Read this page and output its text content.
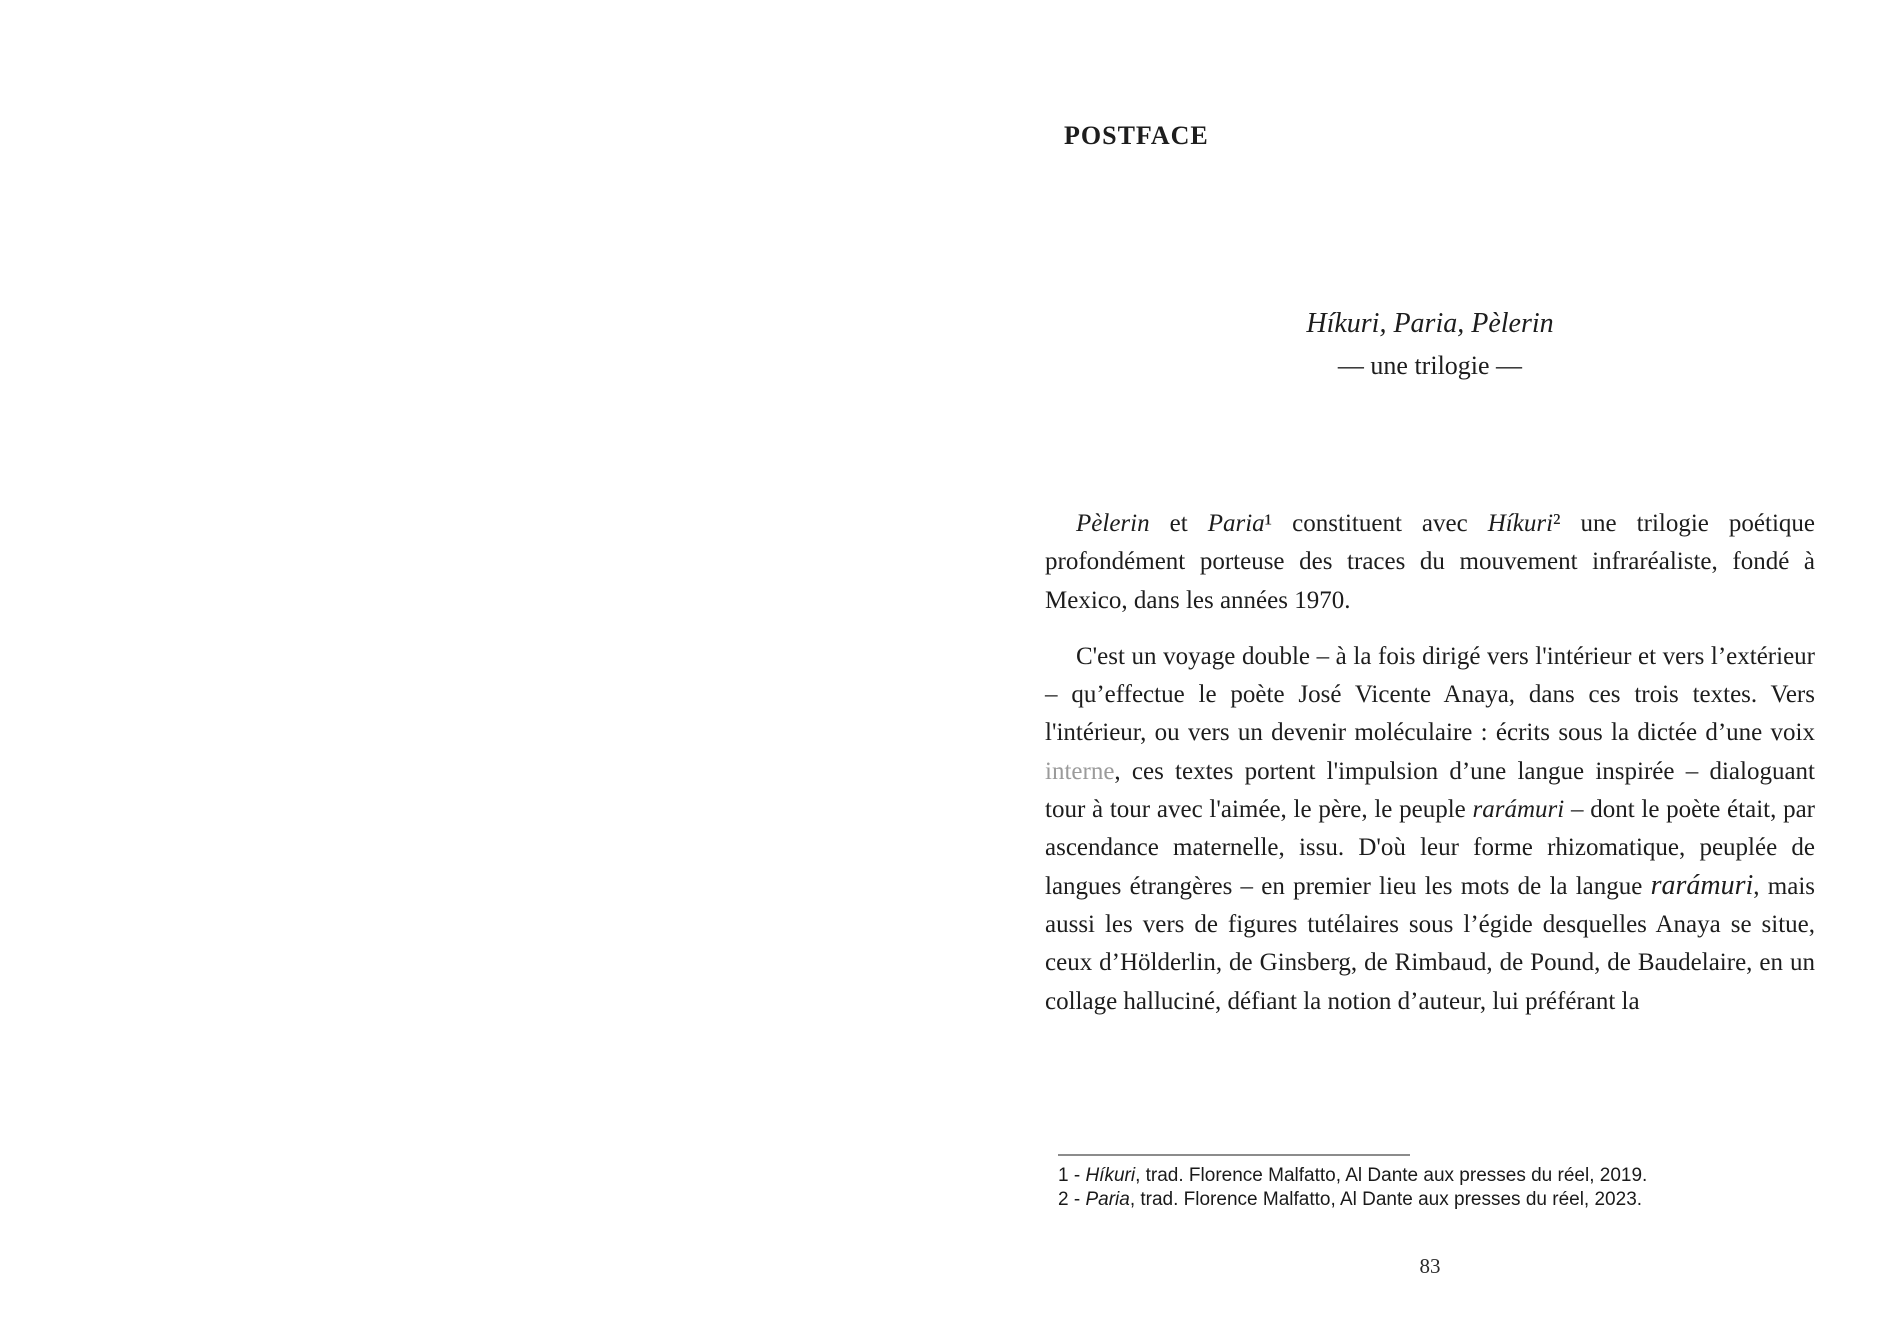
POSTFACE
Híkuri, Paria, Pèlerin
— une trilogie —

Pèlerin et Paria¹ constituent avec Híkuri² une trilogie poétique profondément porteuse des traces du mouvement infraréaliste, fondé à Mexico, dans les années 1970.

C'est un voyage double – à la fois dirigé vers l'intérieur et vers l’extérieur – qu’effectue le poète José Vicente Anaya, dans ces trois textes. Vers l'intérieur, ou vers un devenir moléculaire : écrits sous la dictée d’une voix interne, ces textes portent l'impulsion d’une langue inspirée – dialoguant tour à tour avec l'aimée, le père, le peuple rarámuri – dont le poète était, par ascendance maternelle, issu. D'où leur forme rhizomatique, peuplée de langues étrangères – en premier lieu les mots de la langue rarámuri, mais aussi les vers de figures tutélaires sous l’égide desquelles Anaya se situe, ceux d’Hölderlin, de Ginsberg, de Rimbaud, de Pound, de Baudelaire, en un collage halluciné, défiant la notion d’auteur, lui préférant la

1 - Híkuri, trad. Florence Malfatto, Al Dante aux presses du réel, 2019.
2 - Paria, trad. Florence Malfatto, Al Dante aux presses du réel, 2023.
83
